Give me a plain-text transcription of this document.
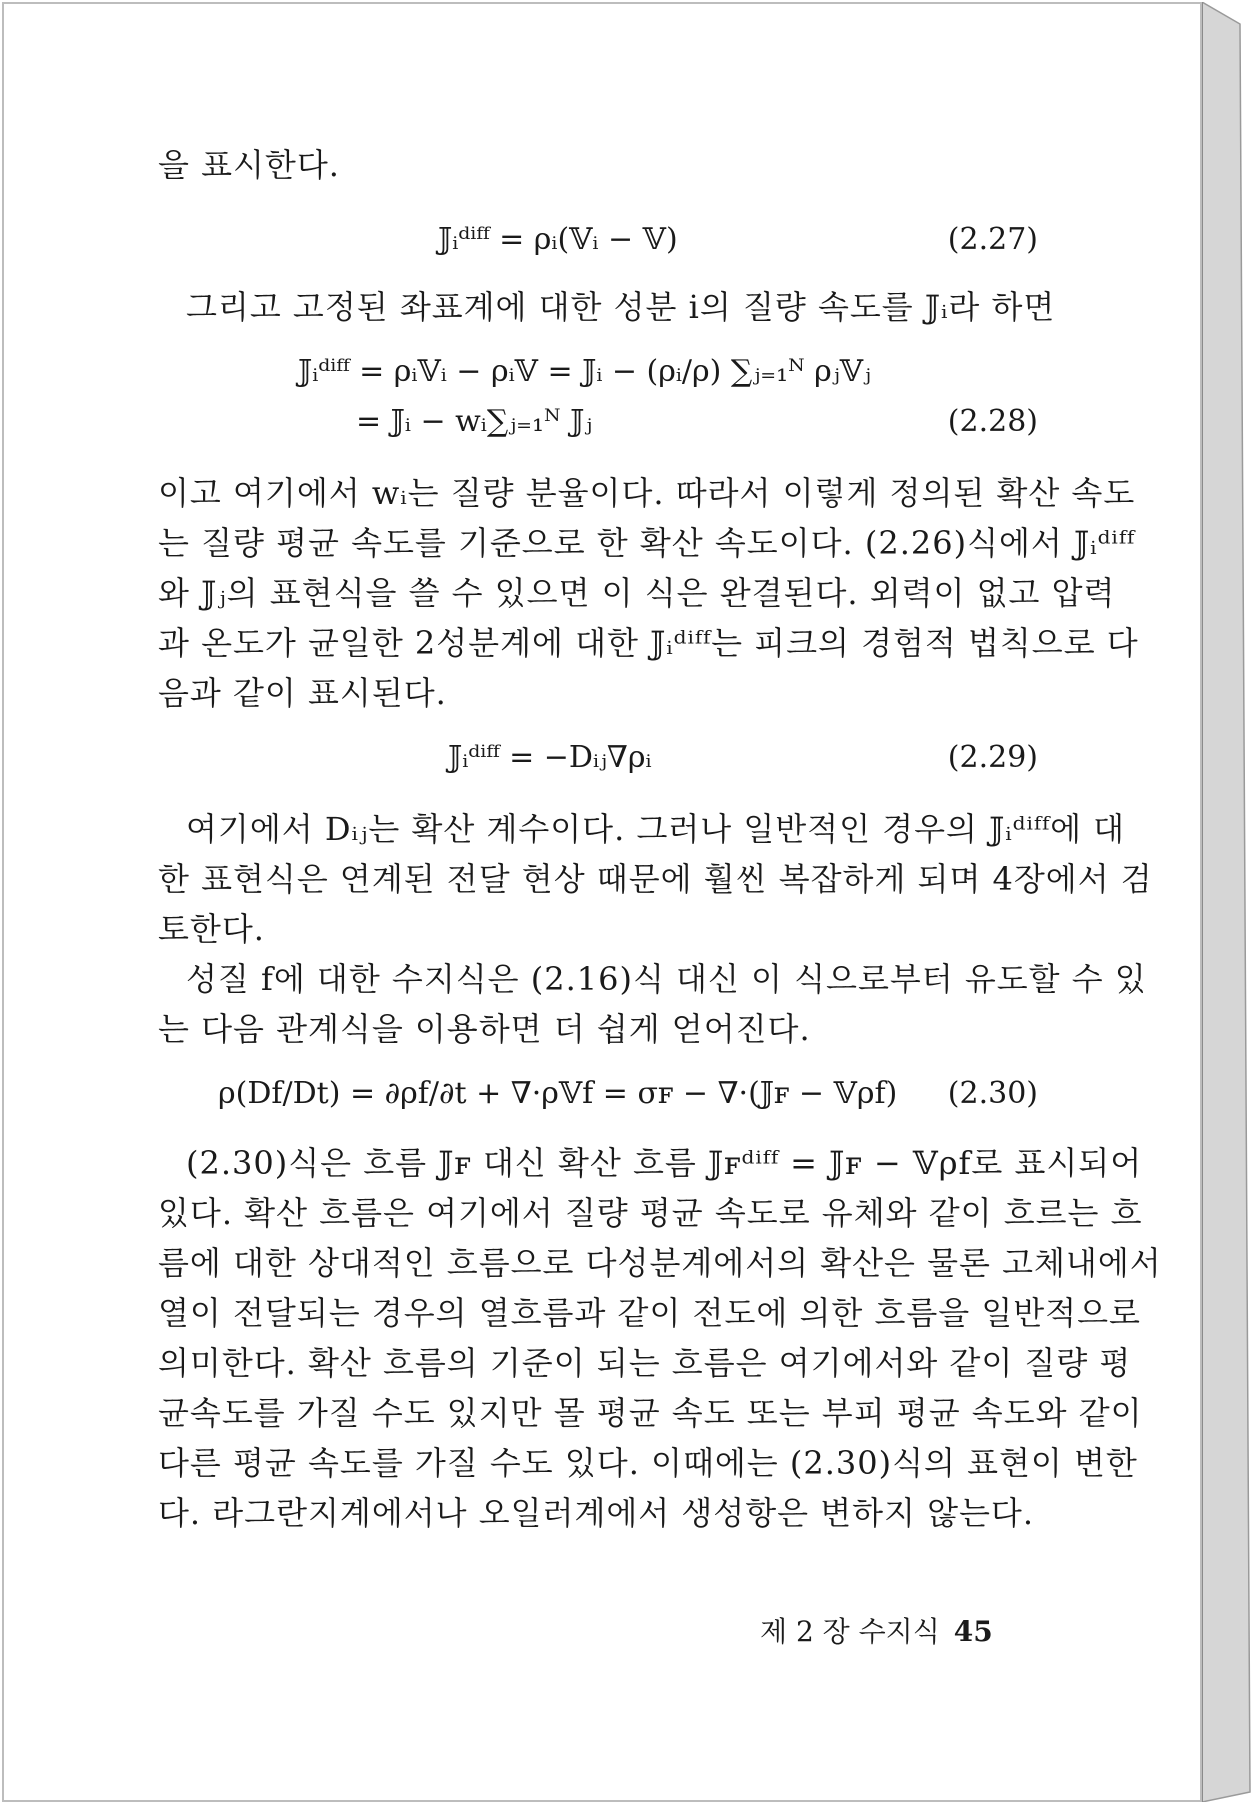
을 표시한다.
𝕁ᵢᵈⁱᶠᶠ = ρᵢ(𝕍ᵢ − 𝕍)	(2.27)
그리고 고정된 좌표계에 대한 성분 i의 질량 속도를 𝕁ᵢ라 하면
𝕁ᵢᵈⁱᶠᶠ = ρᵢ𝕍ᵢ − ρᵢ𝕍 = 𝕁ᵢ − (ρᵢ/ρ) ∑ⱼ₌₁ᴺ ρⱼ𝕍ⱼ
= 𝕁ᵢ − wᵢ∑ⱼ₌₁ᴺ 𝕁ⱼ	(2.28)
이고 여기에서 wᵢ는 질량 분율이다. 따라서 이렇게 정의된 확산 속도
는 질량 평균 속도를 기준으로 한 확산 속도이다. (2.26)식에서 𝕁ᵢᵈⁱᶠᶠ
와 𝕁ⱼ의 표현식을 쓸 수 있으면 이 식은 완결된다. 외력이 없고 압력
과 온도가 균일한 2성분계에 대한 𝕁ᵢᵈⁱᶠᶠ는 피크의 경험적 법칙으로 다
음과 같이 표시된다.
𝕁ᵢᵈⁱᶠᶠ = −Dᵢⱼ∇ρᵢ	(2.29)
여기에서 Dᵢⱼ는 확산 계수이다. 그러나 일반적인 경우의 𝕁ᵢᵈⁱᶠᶠ에 대
한 표현식은 연계된 전달 현상 때문에 훨씬 복잡하게 되며 4장에서 검
토한다.
성질 f에 대한 수지식은 (2.16)식 대신 이 식으로부터 유도할 수 있
는 다음 관계식을 이용하면 더 쉽게 얻어진다.
ρ(Df/Dt) = ∂ρf/∂t + ∇·ρ𝕍f = σꜰ − ∇·(𝕁ꜰ − 𝕍ρf) (2.30)
(2.30)식은 흐름 𝕁ꜰ 대신 확산 흐름 𝕁ꜰᵈⁱᶠᶠ = 𝕁ꜰ − 𝕍ρf로 표시되어
있다. 확산 흐름은 여기에서 질량 평균 속도로 유체와 같이 흐르는 흐
름에 대한 상대적인 흐름으로 다성분계에서의 확산은 물론 고체내에서
열이 전달되는 경우의 열흐름과 같이 전도에 의한 흐름을 일반적으로
의미한다. 확산 흐름의 기준이 되는 흐름은 여기에서와 같이 질량 평
균속도를 가질 수도 있지만 몰 평균 속도 또는 부피 평균 속도와 같이
다른 평균 속도를 가질 수도 있다. 이때에는 (2.30)식의 표현이 변한
다. 라그란지계에서나 오일러계에서 생성항은 변하지 않는다.
제 2 장 수지식 45
